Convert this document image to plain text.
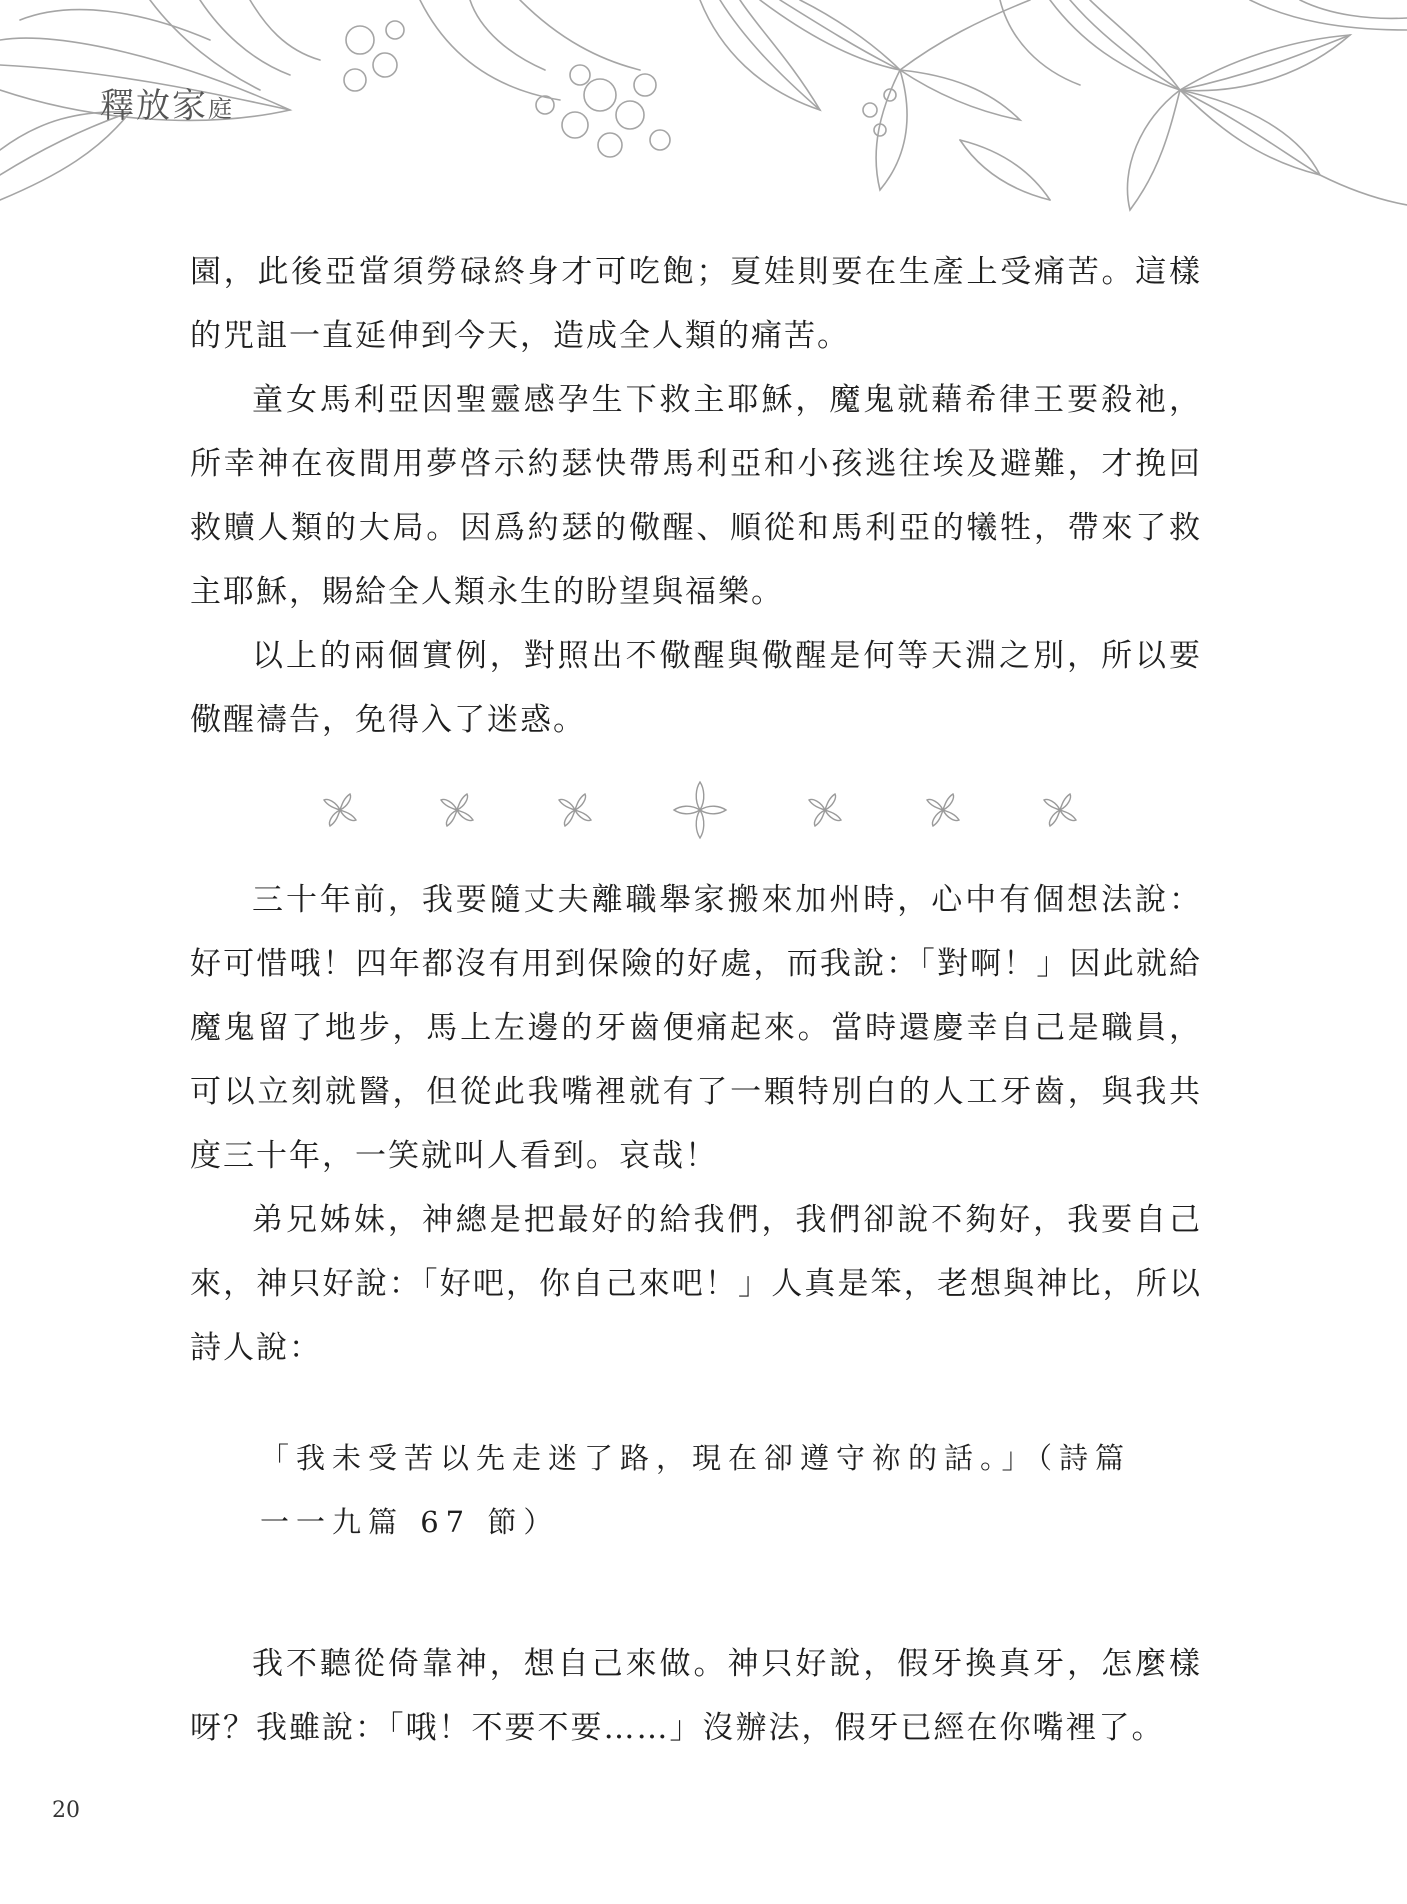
釋放家庭

園，此後亞當須勞碌終身才可吃飽；夏娃則要在生產上受痛苦。這樣的咒詛一直延伸到今天，造成全人類的痛苦。

童女馬利亞因聖靈感孕生下救主耶穌，魔鬼就藉希律王要殺祂，所幸神在夜間用夢啓示約瑟快帶馬利亞和小孩逃往埃及避難，才挽回救贖人類的大局。因爲約瑟的儆醒、順從和馬利亞的犧牲，帶來了救主耶穌，賜給全人類永生的盼望與福樂。

以上的兩個實例，對照出不儆醒與儆醒是何等天淵之別，所以要儆醒禱告，免得入了迷惑。

三十年前，我要隨丈夫離職舉家搬來加州時，心中有個想法說：好可惜哦！四年都沒有用到保險的好處，而我說：「對啊！」因此就給魔鬼留了地步，馬上左邊的牙齒便痛起來。當時還慶幸自己是職員，可以立刻就醫，但從此我嘴裡就有了一顆特別白的人工牙齒，與我共度三十年，一笑就叫人看到。哀哉！

弟兄姊妹，神總是把最好的給我們，我們卻說不夠好，我要自己來，神只好說：「好吧，你自己來吧！」人真是笨，老想與神比，所以詩人說：

「我未受苦以先走迷了路，現在卻遵守祢的話。」（詩篇

一一九篇 67 節）

我不聽從倚靠神，想自己來做。神只好說，假牙換真牙，怎麼樣呀？我雖說：「哦！不要不要……」沒辦法，假牙已經在你嘴裡了。

20
